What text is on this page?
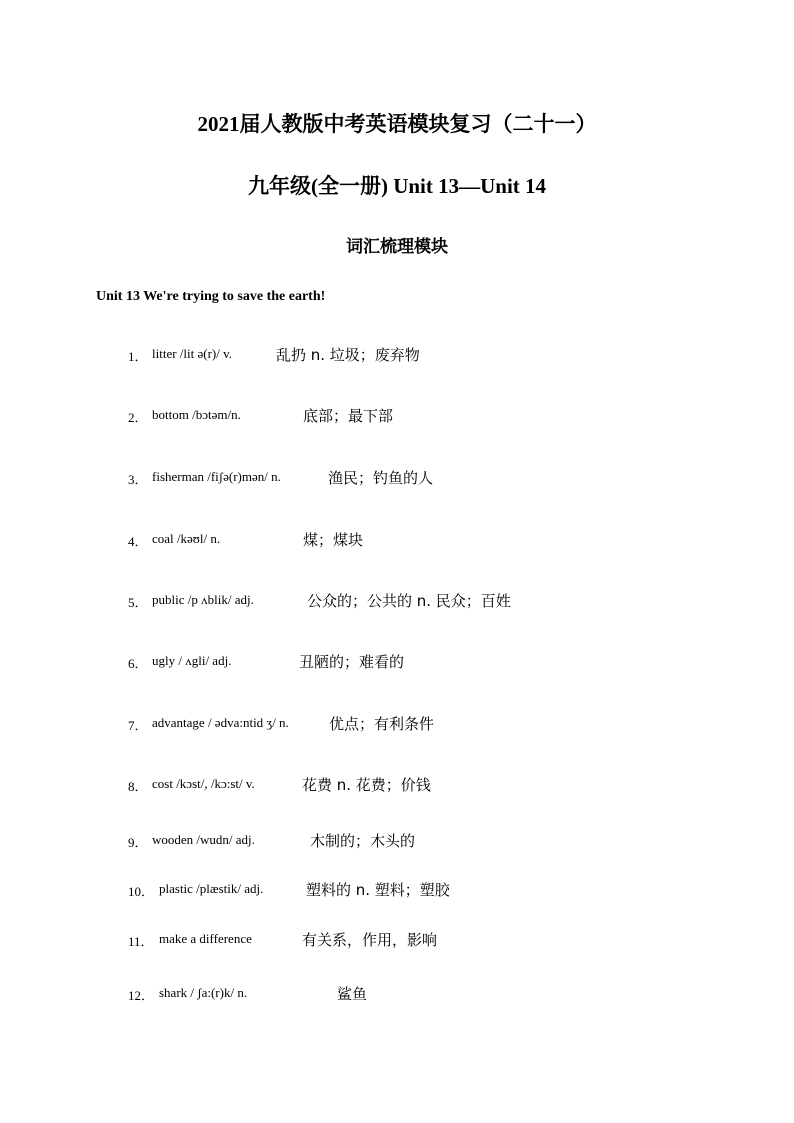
2021届人教版中考英语模块复习（二十一）
九年级(全一册) Unit 13—Unit 14
词汇梳理模块
Unit 13 We're trying to save the earth!
1． litter /lit ə(r)/ v.	乱扔 n. 垃圾；废弃物
2． bottom /bɔtəm/n.	底部；最下部
3． fisherman /fiʃə(r)mən/ n.	渔民；钓鱼的人
4． coal /kəʊl/ n.	煤；煤块
5． public /p ʌblik/ adj.	公众的；公共的 n. 民众；百姓
6． ugly / ʌgli/ adj.	丑陋的；难看的
7． advantage / ədva:ntid ʒ/ n.	优点；有利条件
8． cost /kɔst/, /kɔ:st/ v.	花费 n. 花费；价钱
9． wooden /wudn/ adj.	木制的；木头的
10． plastic /plæstik/ adj.	塑料的 n. 塑料；塑胶
11． make a difference	有关系，作用，影响
12． shark / ʃa:(r)k/ n.	鲨鱼
